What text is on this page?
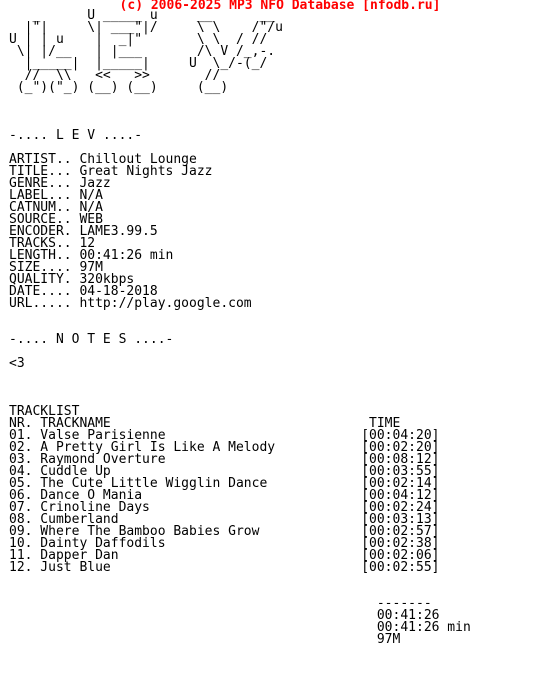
(c) 2006-2025 MP3 NFO Database [nfodb.ru]
_      U _____ u     __      __
|"|     \| ___"|/     \ \    /"/u
U | | u    |  _|"       \ \  / //
\| |/__   | |___       /\ V /_,-.
|_____|  |_____|     U  \_/-(_/
//  \\   <<   >>       //
(_")("_) (__) (__)     (__)
-.... L E V ....-
ARTIST.. Chillout Lounge
TITLE... Great Nights Jazz
GENRE... Jazz
LABEL... N/A
CATNUM.. N/A
SOURCE.. WEB
ENCODER. LAME3.99.5
TRACKS.. 12
LENGTH.. 00:41:26 min
SIZE.... 97M
QUALITY. 320kbps
DATE.... 04-18-2018
URL..... http://play.google.com
-.... N O T E S ....-
<3
TRACKLIST
NR. TRACKNAME                                 TIME
01. Valse Parisienne                         [00:04:20]
02. A Pretty Girl Is Like A Melody           [00:02:20]
03. Raymond Overture                         [00:08:12]
04. Cuddle Up                                [00:03:55]
05. The Cute Little Wigglin Dance            [00:02:14]
06. Dance O Mania                            [00:04:12]
07. Crinoline Days                           [00:02:24]
08. Cumberland                               [00:03:13]
09. Where The Bamboo Babies Grow             [00:02:57]
10. Dainty Daffodils                         [00:02:38]
11. Dapper Dan                               [00:02:06]
12. Just Blue                                [00:02:55]
-------
00:41:26
00:41:26 min
97M
